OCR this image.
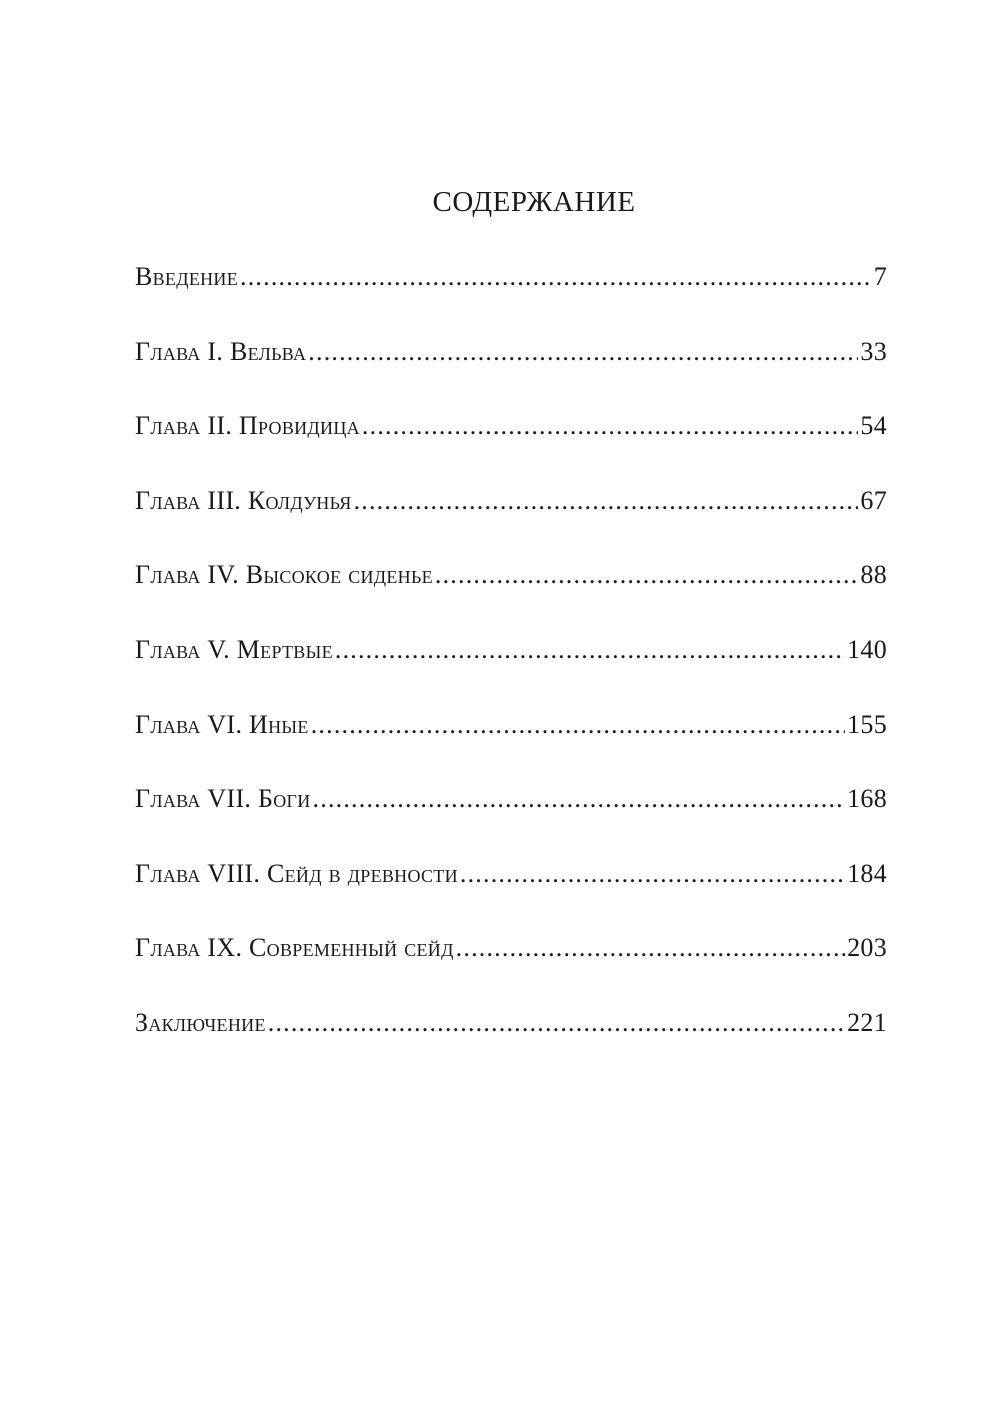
СОДЕРЖАНИЕ
Введение .....	7
Глава I. Вельва .....	33
Глава II. Провидица .....	54
Глава III. Колдунья .....	67
Глава IV. Высокое сиденье .....	88
Глава V. Мертвые .....	140
Глава VI. Иные .....	155
Глава VII. Боги .....	168
Глава VIII. Сейд в древности .....	184
Глава IX. Современный сейд .....	203
Заключение .....	221
